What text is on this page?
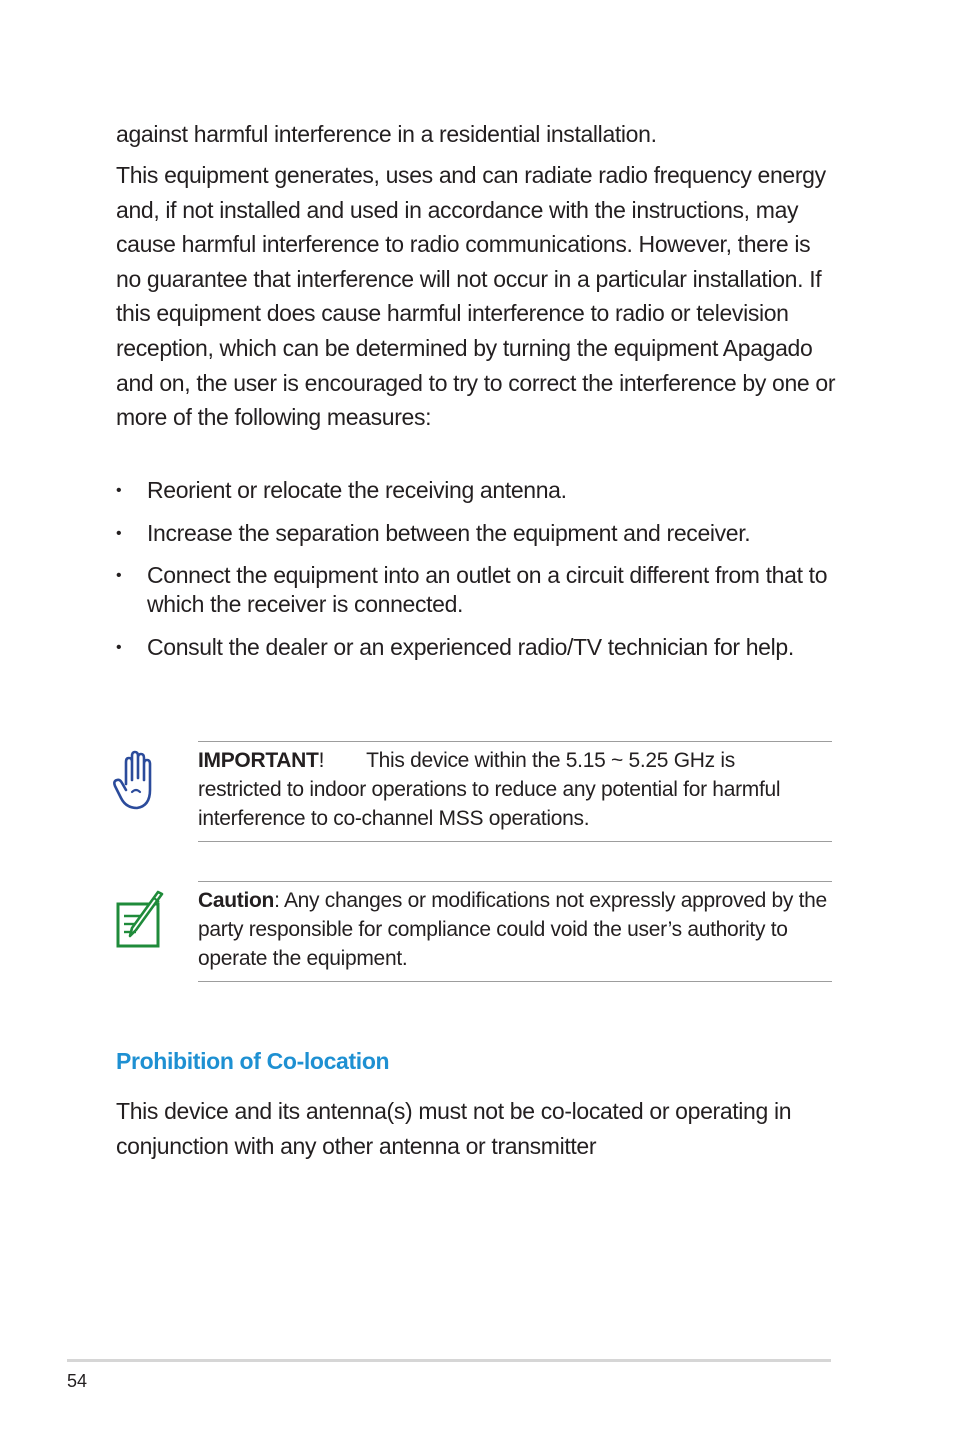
against harmful interference in a residential installation.

This equipment generates, uses and can radiate radio frequency energy and, if not installed and used in accordance with the instructions, may cause harmful interference to radio communications. However, there is no guarantee that interference will not occur in a particular installation. If this equipment does cause harmful interference to radio or television reception, which can be determined by turning the equipment Apagado and on, the user is encouraged to try to correct the interference by one or more of the following measures:

• Reorient or relocate the receiving antenna.
• Increase the separation between the equipment and receiver.
• Connect the equipment into an outlet on a circuit different from that to which the receiver is connected.
• Consult the dealer or an experienced radio/TV technician for help.
IMPORTANT! This device within the 5.15 ~ 5.25 GHz is
restricted to indoor operations to reduce any potential for harmful interference to co-channel MSS operations.
Caution: Any changes or modifications not expressly approved by the party responsible for compliance could void the user’s authority to operate the equipment.
Prohibition of Co-location

This device and its antenna(s) must not be co-located or operating in conjunction with any other antenna or transmitter

54
